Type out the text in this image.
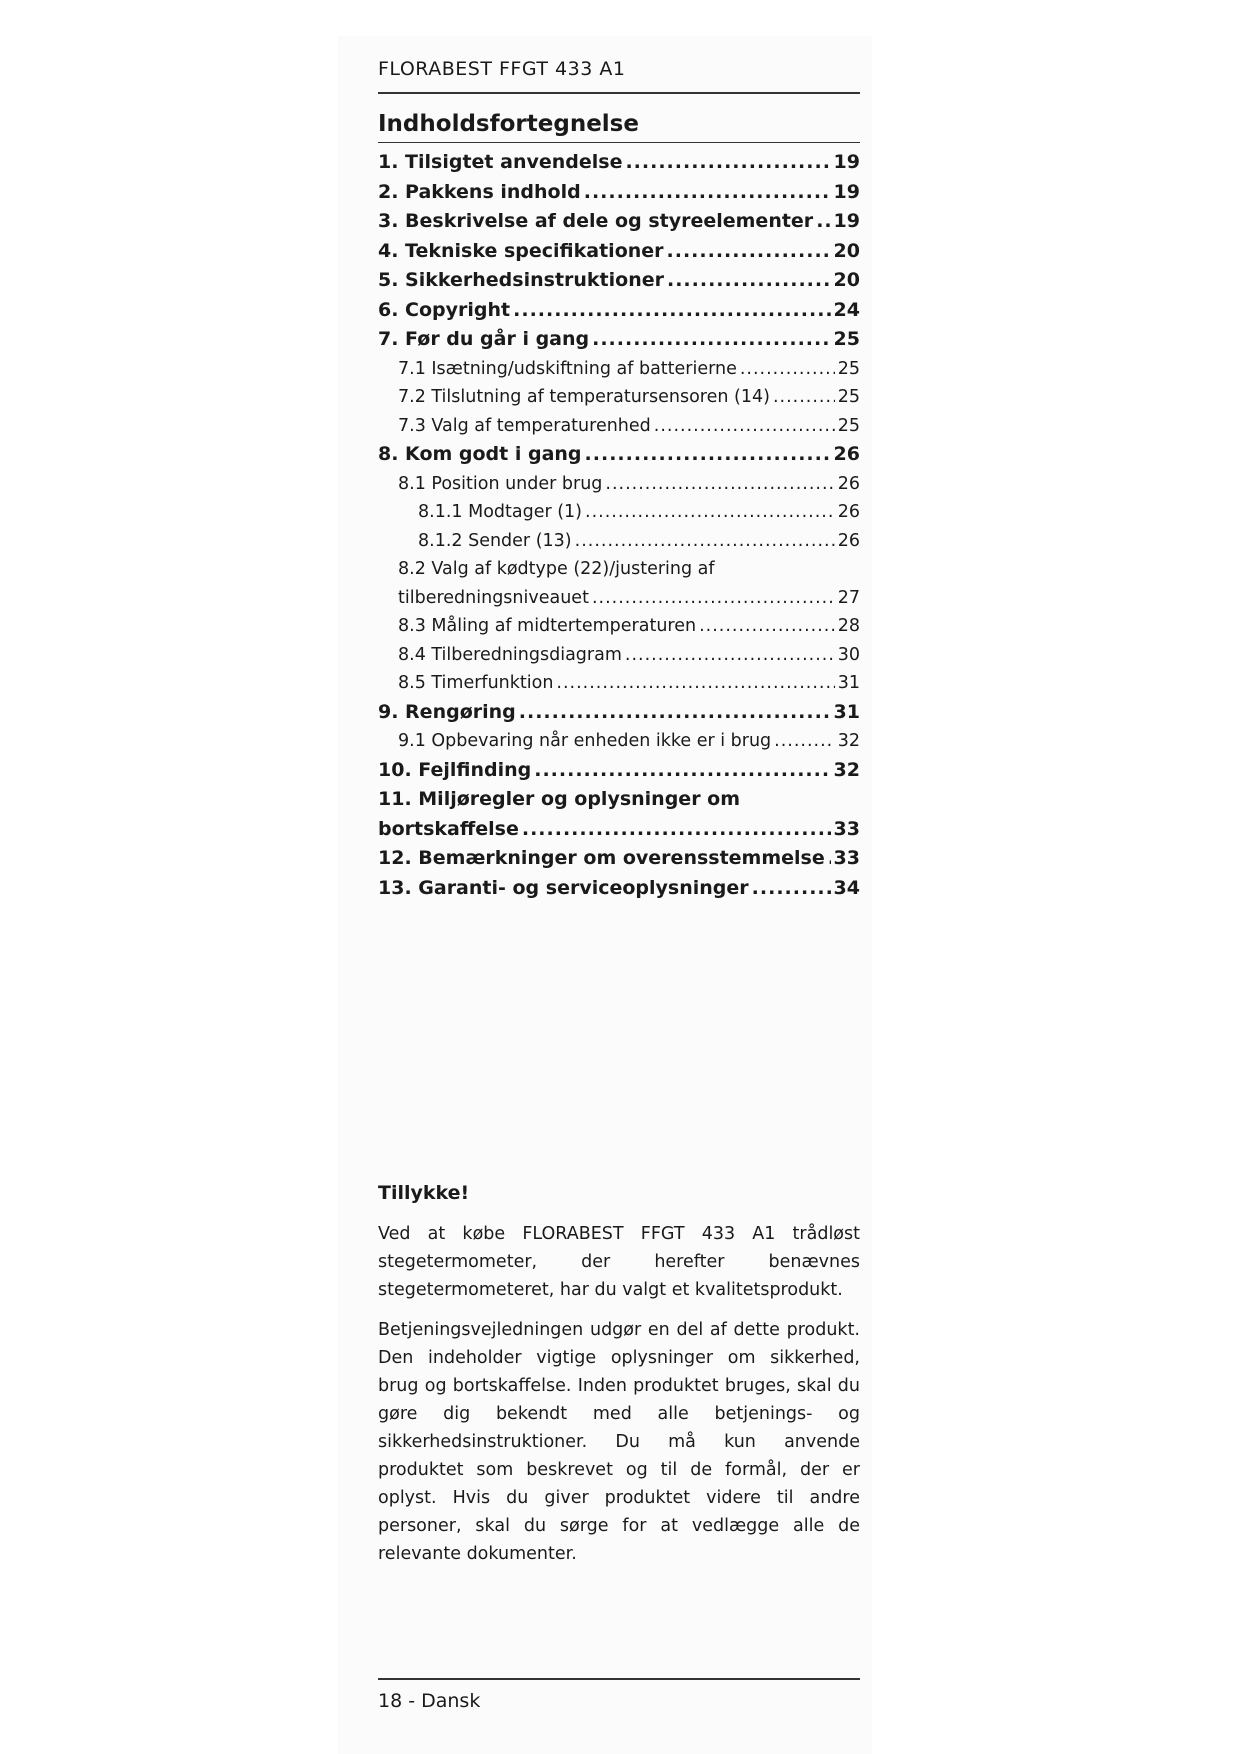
FLORABEST FFGT 433 A1
Indholdsfortegnelse
1. Tilsigtet anvendelse .....	19
2. Pakkens indhold .....	19
3. Beskrivelse af dele og styreelementer ..... 19
4. Tekniske specifikationer .....	20
5. Sikkerhedsinstruktioner .....	20
6. Copyright .....	24
7. Før du går i gang .....	25
7.1 Isætning/udskiftning af batterierne .....	25
7.2 Tilslutning af temperatursensoren (14) .....	25
7.3 Valg af temperaturenhed .....	25
8. Kom godt i gang .....	26
8.1 Position under brug .....	26
8.1.1 Modtager (1) .....	26
8.1.2 Sender (13) .....	26
8.2 Valg af kødtype (22)/justering af
tilberedningsniveauet .....	27
8.3 Måling af midtertemperaturen .....	28
8.4 Tilberedningsdiagram .....	30
8.5 Timerfunktion .....	31
9. Rengøring .....	31
9.1 Opbevaring når enheden ikke er i brug .....	32
10. Fejlfinding .....	32
11. Miljøregler og oplysninger om
bortskaffelse .....	33
12. Bemærkninger om overensstemmelse ..... 33
13. Garanti- og serviceoplysninger .....	34
Tillykke!

Ved at købe FLORABEST FFGT 433 A1 trådløst stegetermometer, der herefter benævnes stegetermometeret, har du valgt et kvalitetsprodukt.

Betjeningsvejledningen udgør en del af dette produkt. Den indeholder vigtige oplysninger om sikkerhed, brug og bortskaffelse. Inden produktet bruges, skal du gøre dig bekendt med alle betjenings- og sikkerhedsinstruktioner. Du må kun anvende produktet som beskrevet og til de formål, der er oplyst. Hvis du giver produktet videre til andre personer, skal du sørge for at vedlægge alle de relevante dokumenter.

18 - Dansk
